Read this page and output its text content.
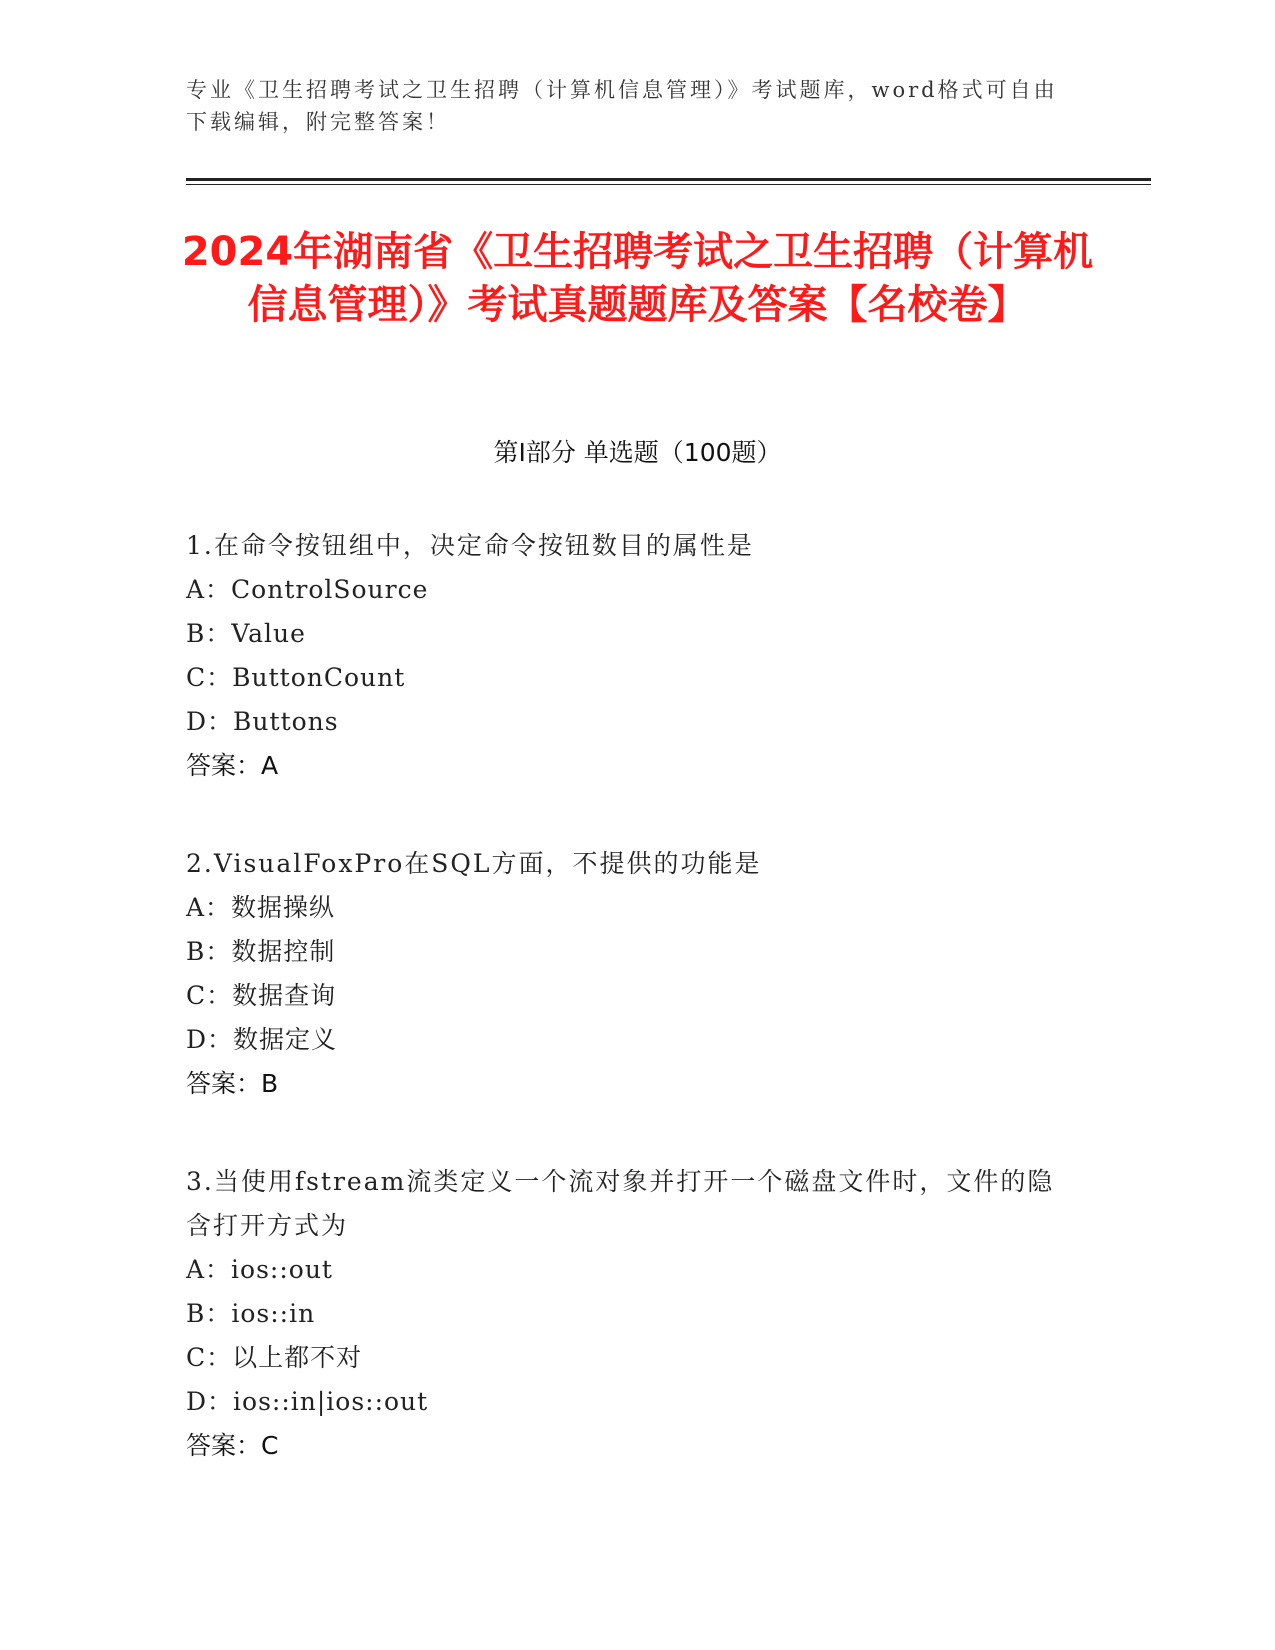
专业《卫生招聘考试之卫生招聘（计算机信息管理）》考试题库，word格式可自由下载编辑，附完整答案！
2024年湖南省《卫生招聘考试之卫生招聘（计算机信息管理）》考试真题题库及答案【名校卷】
第I部分 单选题（100题）
1.在命令按钮组中，决定命令按钮数目的属性是
A：ControlSource
B：Value
C：ButtonCount
D：Buttons
答案：A
2.VisualFoxPro在SQL方面，不提供的功能是
A：数据操纵
B：数据控制
C：数据查询
D：数据定义
答案：B
3.当使用fstream流类定义一个流对象并打开一个磁盘文件时，文件的隐含打开方式为
A：ios::out
B：ios::in
C：以上都不对
D：ios::in|ios::out
答案：C
